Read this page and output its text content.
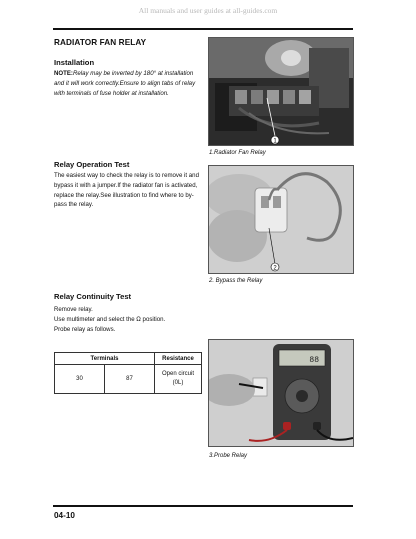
All manuals and user guides at all-guides.com
RADIATOR FAN RELAY
Installation
NOTE:Relay may be inverted by 180° at installation
and it will work correctly.Ensure to align tabs of relay
with terminals of fuse holder at installation.
Relay Operation Test
The easiest way to check the relay is to remove it and
bypass it with a jumper.If the radiator fan is activated,
replace the relay.See illustration to find where to by-
pass the relay.
Relay Continuity Test
Remove relay.
Use multimeter and select the Ω position.
Probe relay as follows.
Terminals		Resistance
30	87	Open circuit
(0L)
1
1.Radiator Fan Relay
2
2. Bypass the Relay
88
3.Probe Relay
04-10
